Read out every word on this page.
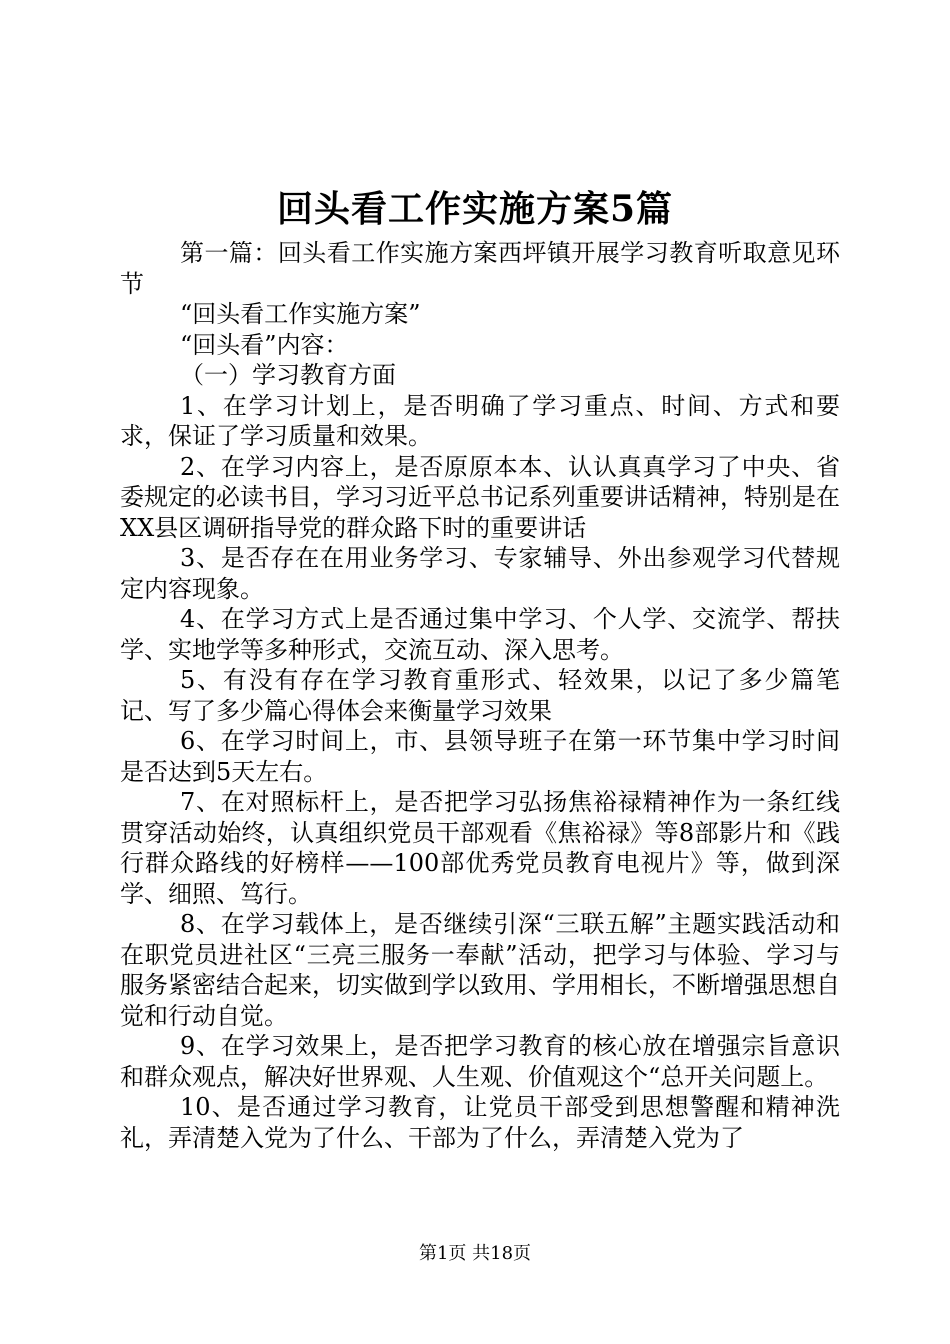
回头看工作实施方案5篇

第一篇：回头看工作实施方案西坪镇开展学习教育听取意见环节

“回头看工作实施方案”

“回头看”内容：

（一）学习教育方面

1、在学习计划上，是否明确了学习重点、时间、方式和要求，保证了学习质量和效果。

2、在学习内容上，是否原原本本、认认真真学习了中央、省委规定的必读书目，学习习近平总书记系列重要讲话精神，特别是在XX县区调研指导党的群众路下时的重要讲话

3、是否存在在用业务学习、专家辅导、外出参观学习代替规定内容现象。

4、在学习方式上是否通过集中学习、个人学、交流学、帮扶学、实地学等多种形式，交流互动、深入思考。

5、有没有存在学习教育重形式、轻效果，以记了多少篇笔记、写了多少篇心得体会来衡量学习效果

6、在学习时间上，市、县领导班子在第一环节集中学习时间是否达到5天左右。

7、在对照标杆上，是否把学习弘扬焦裕禄精神作为一条红线贯穿活动始终，认真组织党员干部观看《焦裕禄》等8部影片和《践行群众路线的好榜样——100部优秀党员教育电视片》等，做到深学、细照、笃行。

8、在学习载体上，是否继续引深“三联五解”主题实践活动和在职党员进社区“三亮三服务一奉献”活动，把学习与体验、学习与服务紧密结合起来，切实做到学以致用、学用相长，不断增强思想自觉和行动自觉。

9、在学习效果上，是否把学习教育的核心放在增强宗旨意识和群众观点，解决好世界观、人生观、价值观这个“总开关问题上。

10、是否通过学习教育，让党员干部受到思想警醒和精神洗礼，弄清楚入党为了什么、干部为了什么，弄清楚入党为了

第1页 共18页
